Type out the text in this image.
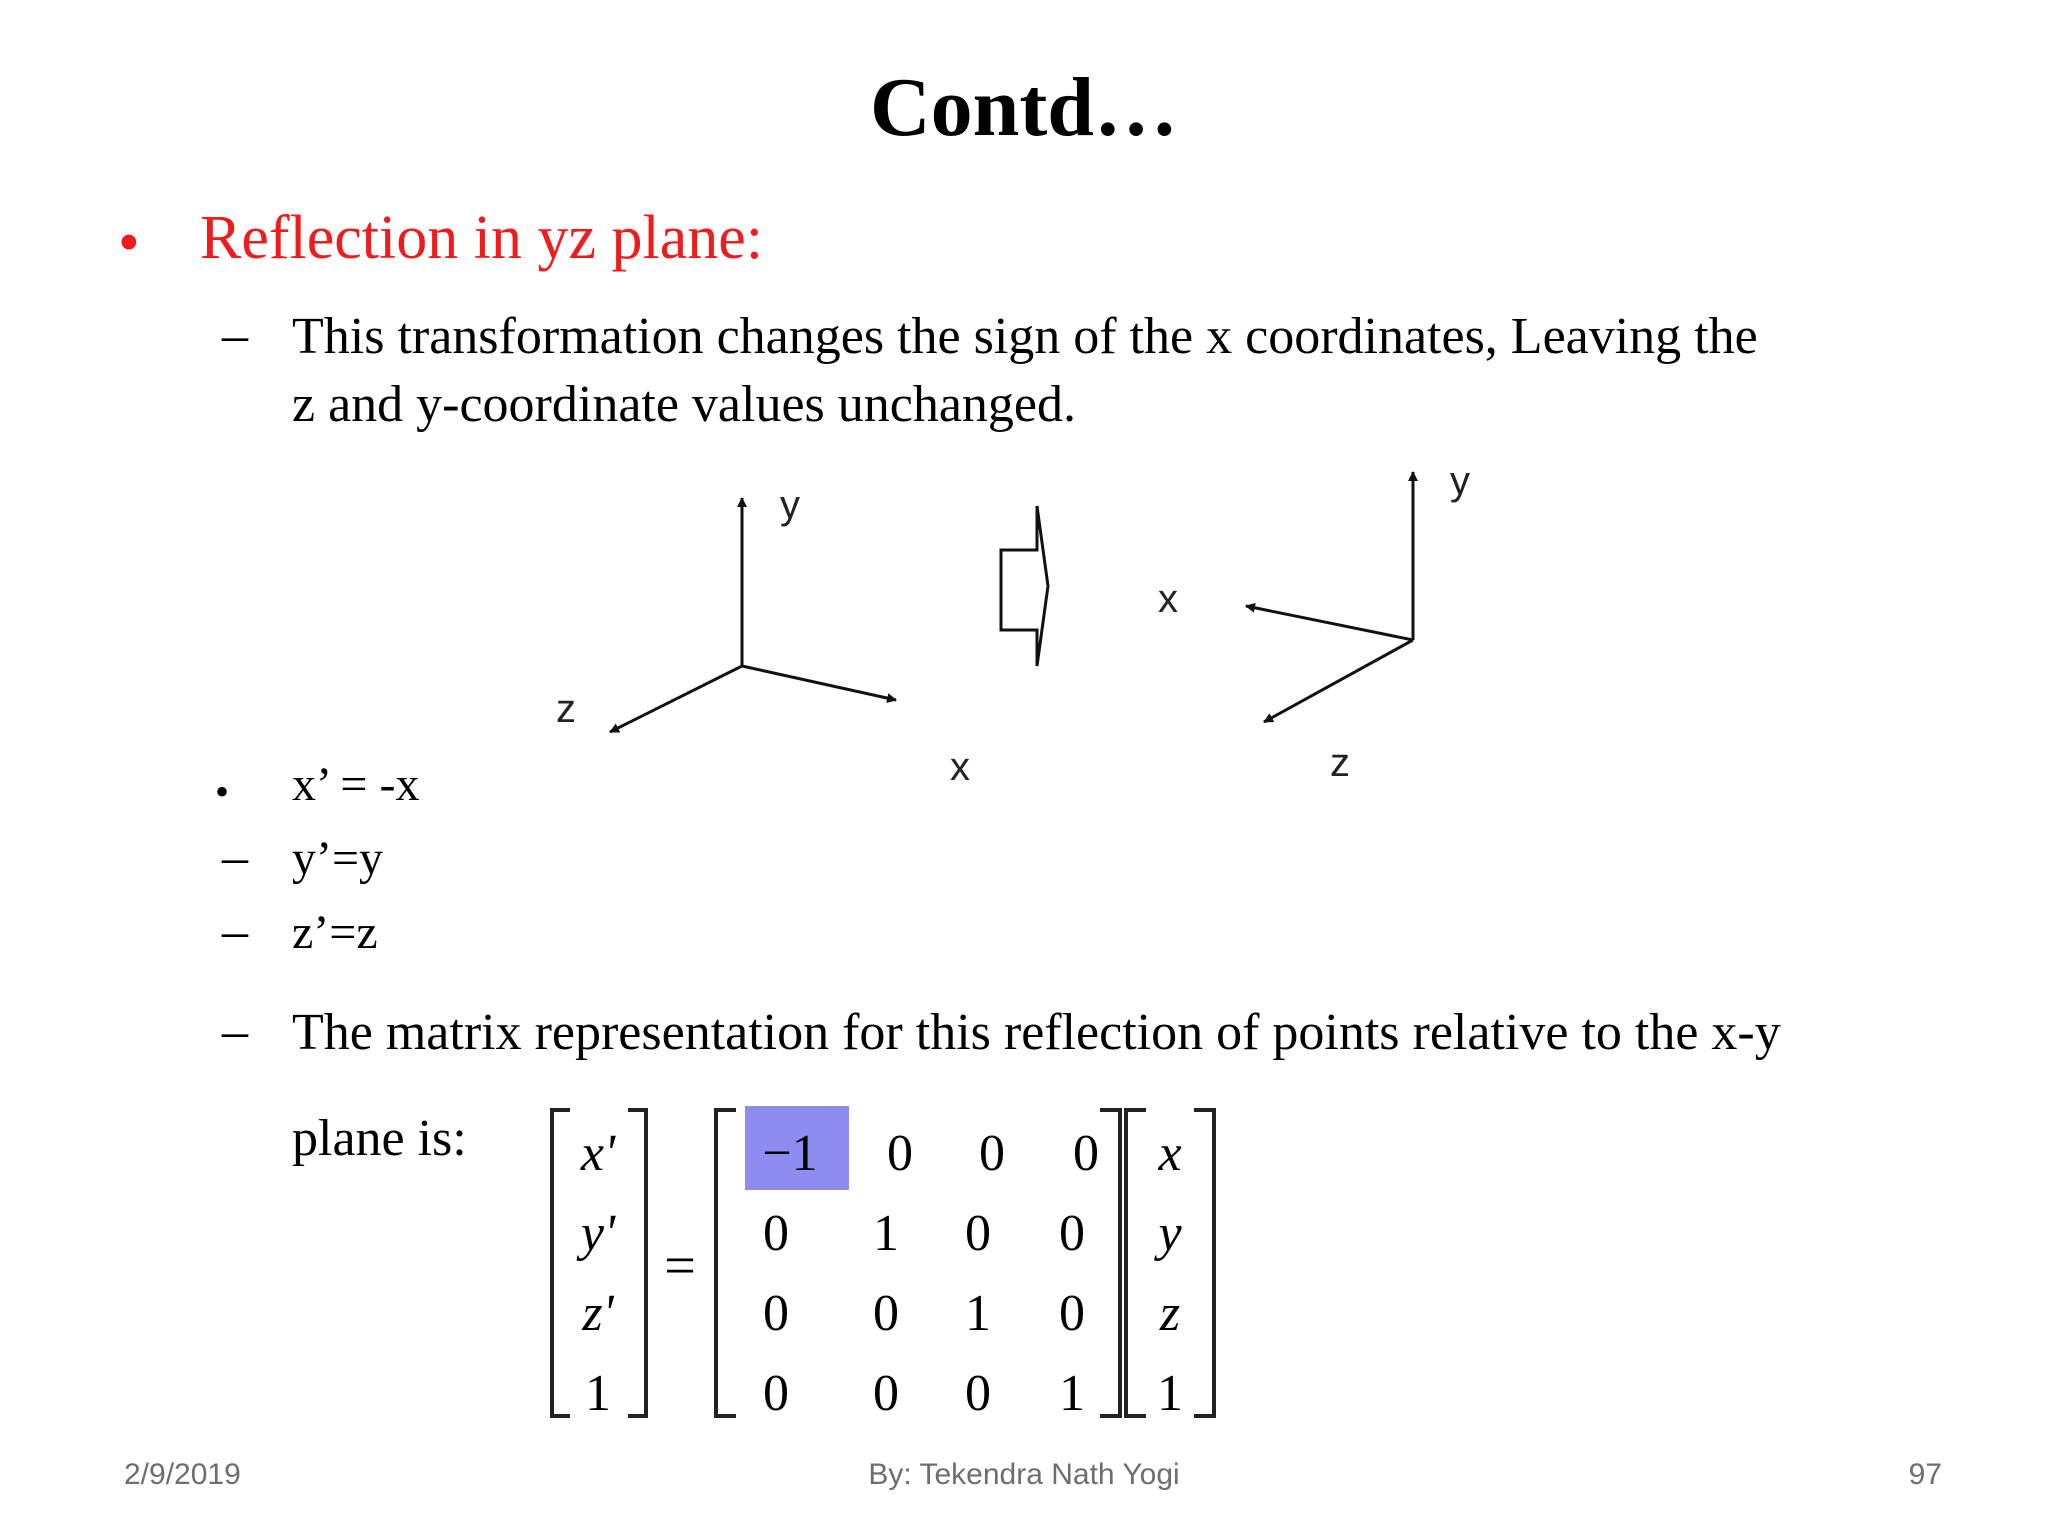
Contd…
• Reflection in yz plane:
– This transformation changes the sign of the x coordinates, Leaving the
z and y-coordinate values unchanged.
y
x
z
y
x
z
• x’ = -x
– y’=y
– z’=z
– The matrix representation for this reflection of points relative to the x-y
plane is: x'
y'
z'
1
=
−1 0 0 0
0 1 0 0
0 0 1 0
0 0 0 1
x
y
z
1
2/9/2019	By: Tekendra Nath Yogi	97
